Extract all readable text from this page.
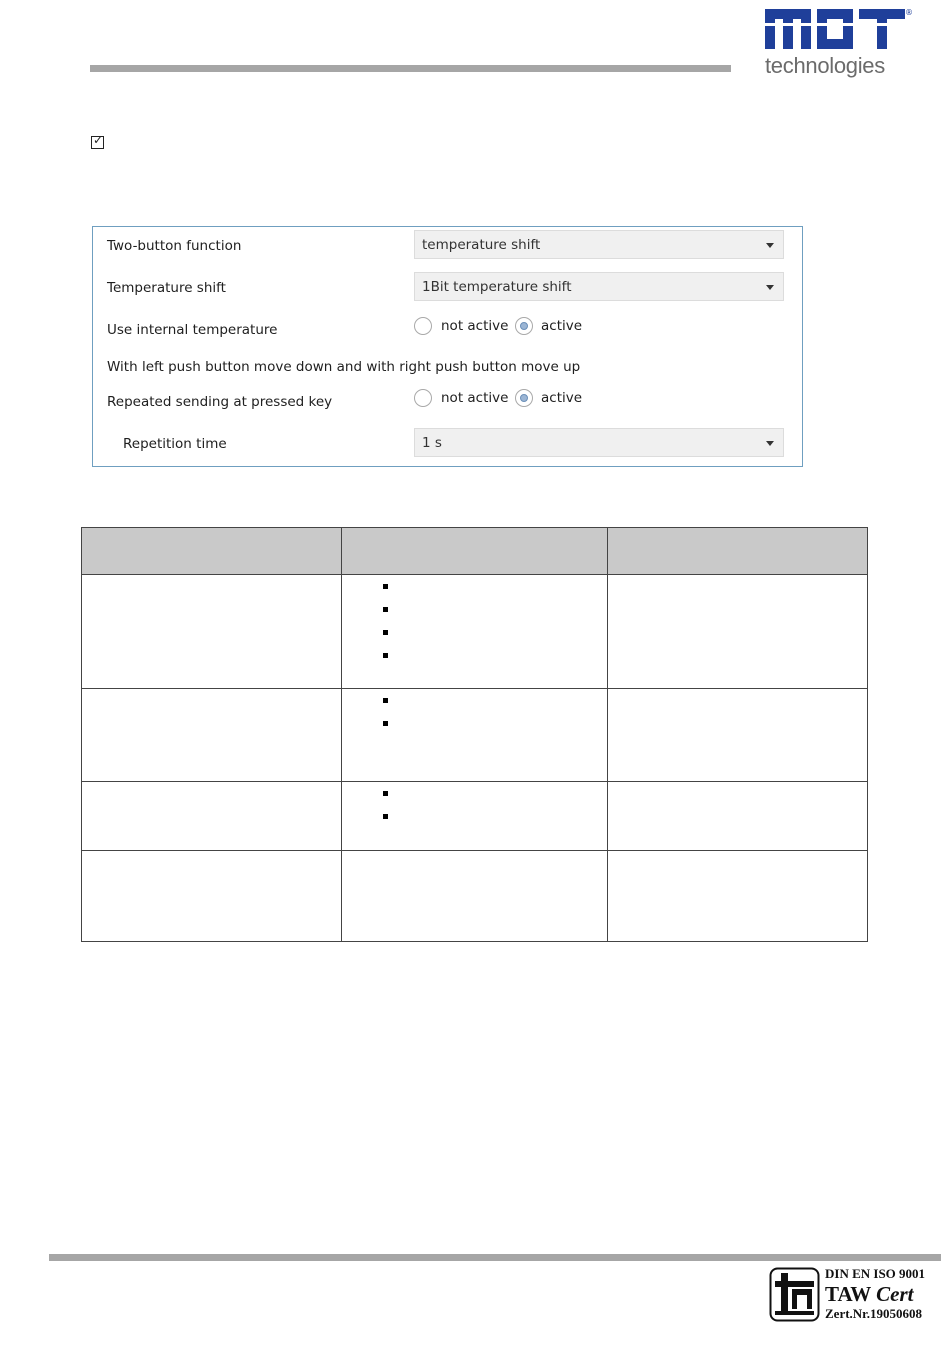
®
technologies
✓
Two-button function	temperature shift
Temperature shift	1Bit temperature shift
Use internal temperature	not active active
With left push button move down and with right push button move up
Repeated sending at pressed key	not active active
Repetition time	1 s

DIN EN ISO 9001
TAW Cert
Zert.Nr.19050608
